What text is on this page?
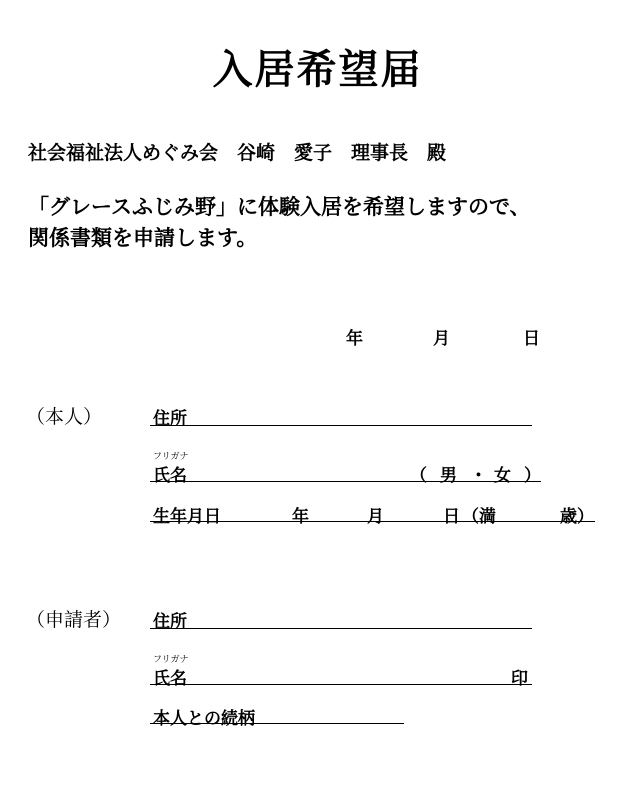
入居希望届
社会福祉法人めぐみ会　谷崎　愛子　理事長　殿
「グレースふじみ野」に体験入居を希望しますので、
関係書類を申請します。
年	月	日
（本人）	住所
フリガナ
氏名	（ 男 ・ 女 ）
生年月日	年	月	日 （満	歳）
（申請者） 住所
フリガナ
氏名	印
本人との続柄
